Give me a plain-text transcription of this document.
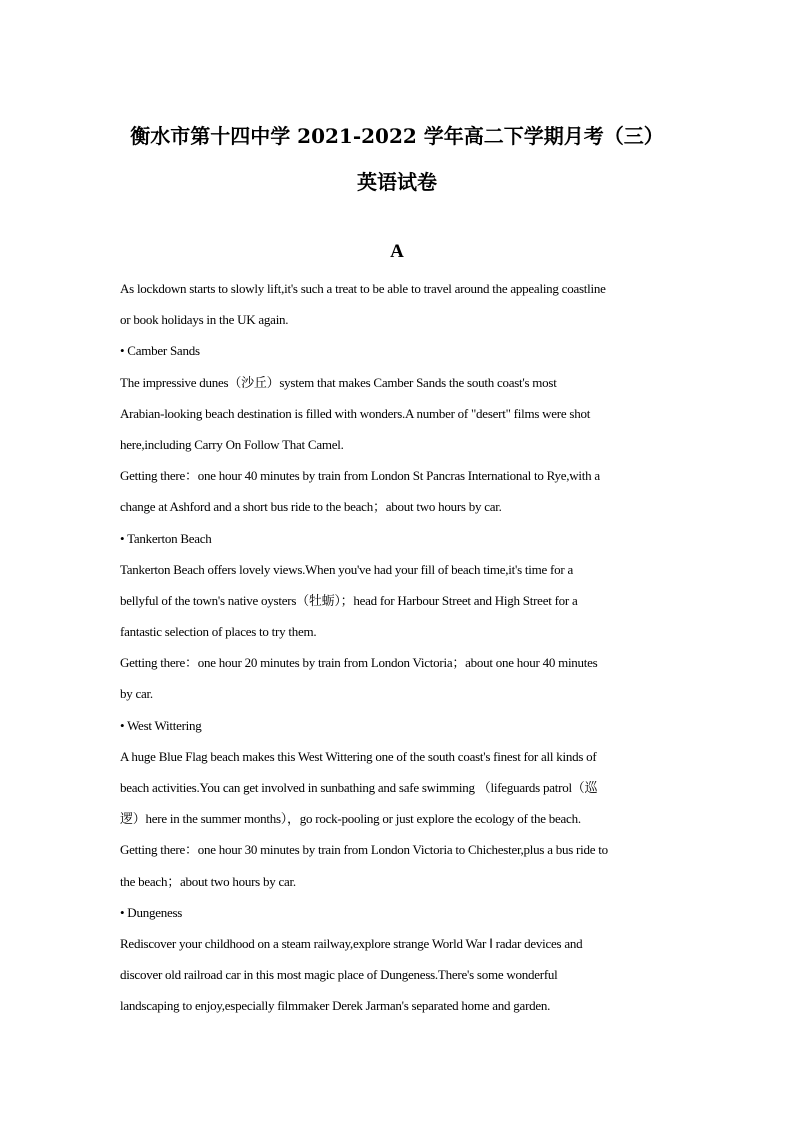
衡水市第十四中学 2021-2022 学年高二下学期月考（三）
英语试卷
A
As lockdown starts to slowly lift,it's such a treat to be able to travel around the appealing coastline
or book holidays in the UK again.
• Camber Sands
The impressive dunes（沙丘）system that makes Camber Sands the south coast's most
Arabian-looking beach destination is filled with wonders.A number of "desert" films were shot
here,including Carry On Follow That Camel.
Getting there：one hour 40 minutes by train from London St Pancras International to Rye,with a
change at Ashford and a short bus ride to the beach；about two hours by car.
• Tankerton Beach
Tankerton Beach offers lovely views.When you've had your fill of beach time,it's time for a
bellyful of the town's native oysters（牡蛎）；head for Harbour Street and High Street for a
fantastic selection of places to try them.
Getting there：one hour 20 minutes by train from London Victoria；about one hour 40 minutes
by car.
• West Wittering
A huge Blue Flag beach makes this West Wittering one of the south coast's finest for all kinds of
beach activities.You can get involved in sunbathing and safe swimming （lifeguards patrol（巡
逻）here in the summer months），go rock-pooling or just explore the ecology of the beach.
Getting there：one hour 30 minutes by train from London Victoria to Chichester,plus a bus ride to
the beach；about two hours by car.
• Dungeness
Rediscover your childhood on a steam railway,explore strange World War Ⅰ radar devices and
discover old railroad car in this most magic place of Dungeness.There's some wonderful
landscaping to enjoy,especially filmmaker Derek Jarman's separated home and garden.
